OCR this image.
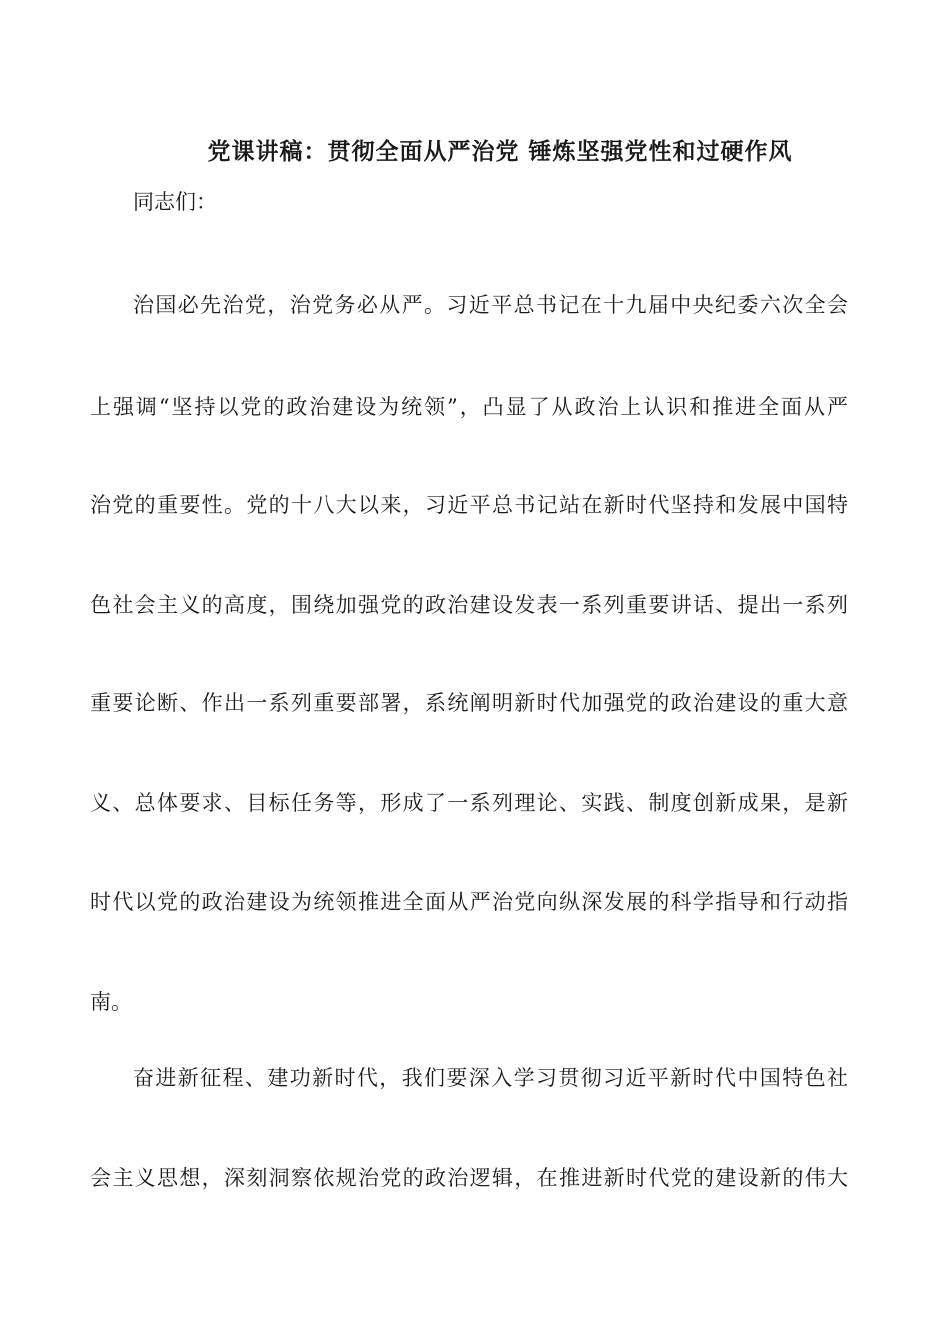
党课讲稿：贯彻全面从严治党 锤炼坚强党性和过硬作风
同志们：
治国必先治党，治党务必从严。习近平总书记在十九届中央纪委六次全会
上强调“坚持以党的政治建设为统领”，凸显了从政治上认识和推进全面从严
治党的重要性。党的十八大以来，习近平总书记站在新时代坚持和发展中国特
色社会主义的高度，围绕加强党的政治建设发表一系列重要讲话、提出一系列
重要论断、作出一系列重要部署，系统阐明新时代加强党的政治建设的重大意
义、总体要求、目标任务等，形成了一系列理论、实践、制度创新成果，是新
时代以党的政治建设为统领推进全面从严治党向纵深发展的科学指导和行动指
南。
奋进新征程、建功新时代，我们要深入学习贯彻习近平新时代中国特色社
会主义思想，深刻洞察依规治党的政治逻辑，在推进新时代党的建设新的伟大
